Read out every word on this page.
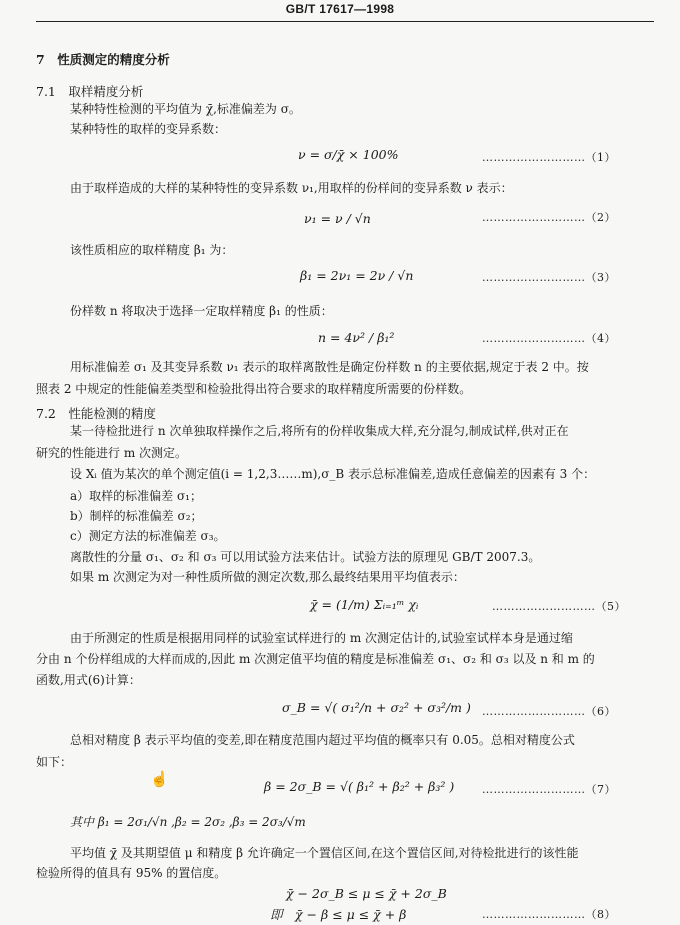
GB/T 17617—1998
7　性质测定的精度分析
7.1　取样精度分析
某种特性检测的平均值为 χ̄,标准偏差为 σ。
某种特性的取样的变异系数：
ν = σ/χ̄ × 100%	………………………（1）
由于取样造成的大样的某种特性的变异系数 ν₁,用取样的份样间的变异系数 ν 表示：
ν₁ = ν / √n	………………………（2）
该性质相应的取样精度 β₁ 为：
β₁ = 2ν₁ = 2ν / √n	………………………（3）
份样数 n 将取决于选择一定取样精度 β₁ 的性质：
n = 4ν² / β₁²	………………………（4）
用标准偏差 σ₁ 及其变异系数 ν₁ 表示的取样离散性是确定份样数 n 的主要依据,规定于表 2 中。按
照表 2 中规定的性能偏差类型和检验批得出符合要求的取样精度所需要的份样数。
7.2　性能检测的精度
某一待检批进行 n 次单独取样操作之后,将所有的份样收集成大样,充分混匀,制成试样,供对正在
研究的性能进行 m 次测定。
设 Xᵢ 值为某次的单个测定值(i = 1,2,3……m),σ_B 表示总标准偏差,造成任意偏差的因素有 3 个：
a）取样的标准偏差 σ₁；
b）制样的标准偏差 σ₂；
c）测定方法的标准偏差 σ₃。
离散性的分量 σ₁、σ₂ 和 σ₃ 可以用试验方法来估计。试验方法的原理见 GB/T 2007.3。
如果 m 次测定为对一种性质所做的测定次数,那么最终结果用平均值表示：
χ̄ = (1/m) Σᵢ₌₁ᵐ χᵢ	………………………（5）
由于所测定的性质是根据用同样的试验室试样进行的 m 次测定估计的,试验室试样本身是通过缩
分由 n 个份样组成的大样而成的,因此 m 次测定值平均值的精度是标准偏差 σ₁、σ₂ 和 σ₃ 以及 n 和 m 的
函数,用式(6)计算：
σ_B = √( σ₁²/n + σ₂² + σ₃²/m ) ………………………（6）
总相对精度 β 表示平均值的变差,即在精度范围内超过平均值的概率只有 0.05。总相对精度公式
如下：
☝	β = 2σ_B = √( β₁² + β₂² + β₃² )	………………………（7）
其中 β₁ = 2σ₁/√n ,β₂ = 2σ₂ ,β₃ = 2σ₃/√m
平均值 χ̄ 及其期望值 μ 和精度 β 允许确定一个置信区间,在这个置信区间,对待检批进行的该性能
检验所得的值具有 95% 的置信度。
χ̄ − 2σ_B ≤ μ ≤ χ̄ + 2σ_B
即　χ̄ − β ≤ μ ≤ χ̄ + β	………………………（8）
